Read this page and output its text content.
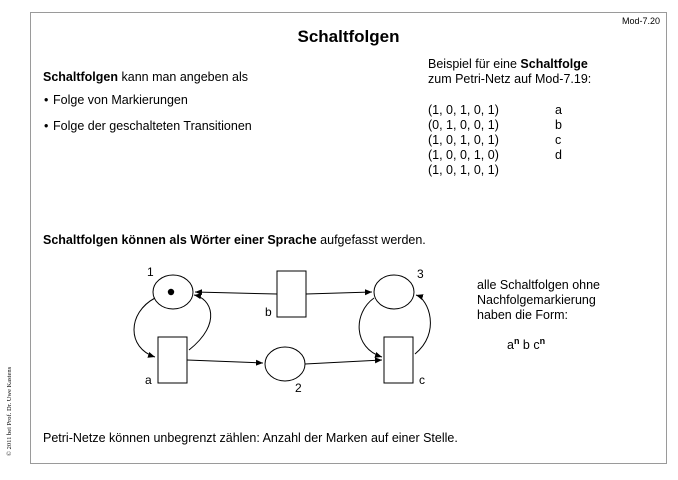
© 2011 bei Prof. Dr. Uwe Kastens
Mod-7.20
Schaltfolgen
Schaltfolgen kann man angeben als
• Folge von Markierungen
• Folge der geschalteten Transitionen
Beispiel für eine Schaltfolge
zum Petri-Netz auf Mod-7.19:
(1, 0, 1, 0, 1)	a
(0, 1, 0, 0, 1)	b
(1, 0, 1, 0, 1)	c
(1, 0, 0, 1, 0)	d
(1, 0, 1, 0, 1)
Schaltfolgen können als Wörter einer Sprache aufgefasst werden.
1
2
3
a
b
c
alle Schaltfolgen ohne
Nachfolgemarkierung
haben die Form:
$a^n$ b $c^n$
Petri-Netze können unbegrenzt zählen: Anzahl der Marken auf einer Stelle.
